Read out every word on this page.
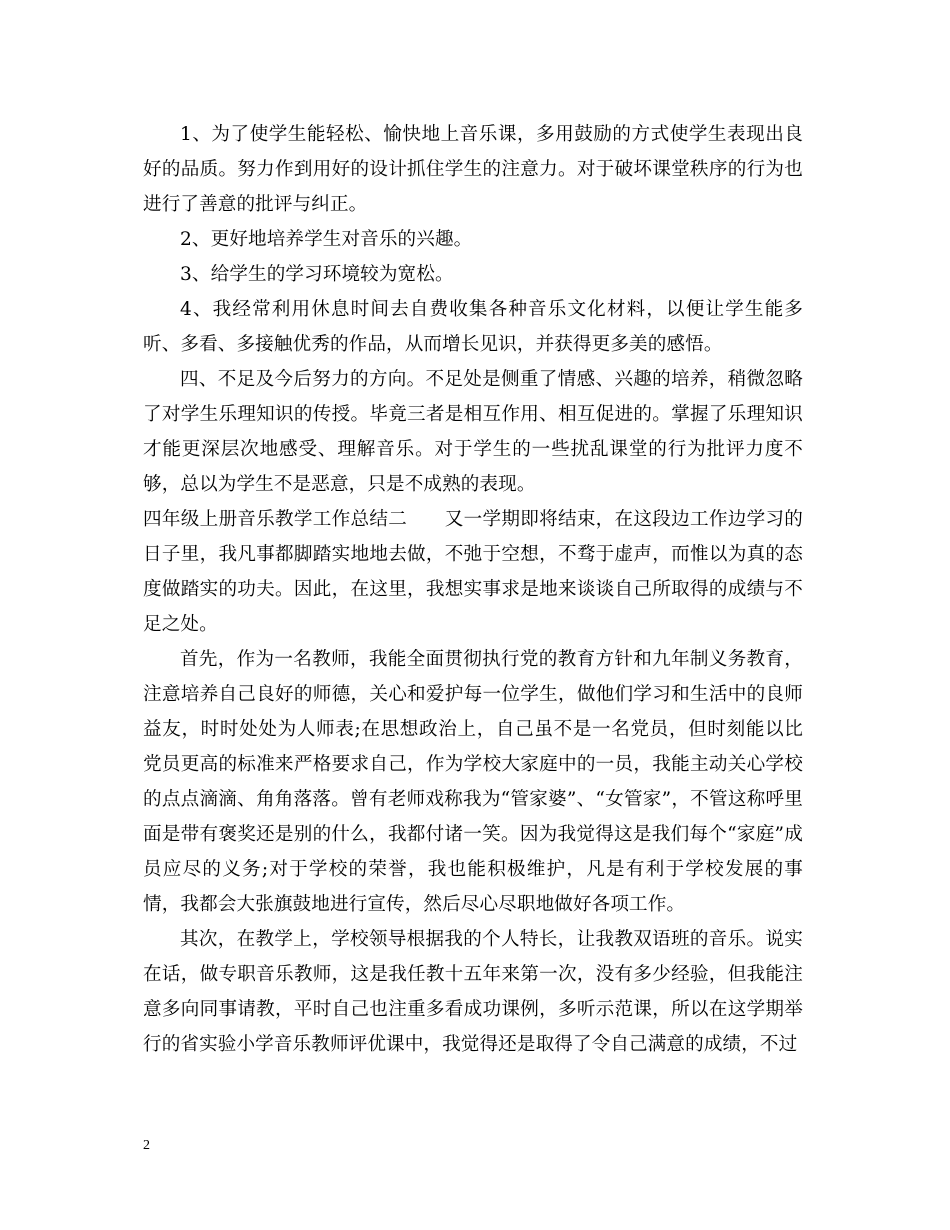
1、为了使学生能轻松、愉快地上音乐课，多用鼓励的方式使学生表现出良好的品质。努力作到用好的设计抓住学生的注意力。对于破坏课堂秩序的行为也进行了善意的批评与纠正。

2、更好地培养学生对音乐的兴趣。

3、给学生的学习环境较为宽松。

4、我经常利用休息时间去自费收集各种音乐文化材料，以便让学生能多听、多看、多接触优秀的作品，从而增长见识，并获得更多美的感悟。

四、不足及今后努力的方向。不足处是侧重了情感、兴趣的培养，稍微忽略了对学生乐理知识的传授。毕竟三者是相互作用、相互促进的。掌握了乐理知识才能更深层次地感受、理解音乐。对于学生的一些扰乱课堂的行为批评力度不够，总以为学生不是恶意，只是不成熟的表现。

四年级上册音乐教学工作总结二　　又一学期即将结束，在这段边工作边学习的日子里，我凡事都脚踏实地地去做，不弛于空想，不骛于虚声，而惟以为真的态度做踏实的功夫。因此，在这里，我想实事求是地来谈谈自己所取得的成绩与不足之处。

首先，作为一名教师，我能全面贯彻执行党的教育方针和九年制义务教育，注意培养自己良好的师德，关心和爱护每一位学生，做他们学习和生活中的良师益友，时时处处为人师表;在思想政治上，自己虽不是一名党员，但时刻能以比党员更高的标准来严格要求自己，作为学校大家庭中的一员，我能主动关心学校的点点滴滴、角角落落。曾有老师戏称我为“管家婆”、“女管家”，不管这称呼里面是带有褒奖还是别的什么，我都付诸一笑。因为我觉得这是我们每个“家庭”成员应尽的义务;对于学校的荣誉，我也能积极维护，凡是有利于学校发展的事情，我都会大张旗鼓地进行宣传，然后尽心尽职地做好各项工作。

其次，在教学上，学校领导根据我的个人特长，让我教双语班的音乐。说实在话，做专职音乐教师，这是我任教十五年来第一次，没有多少经验，但我能注意多向同事请教，平时自己也注重多看成功课例，多听示范课，所以在这学期举行的省实验小学音乐教师评优课中，我觉得还是取得了令自己满意的成绩，不过

2
